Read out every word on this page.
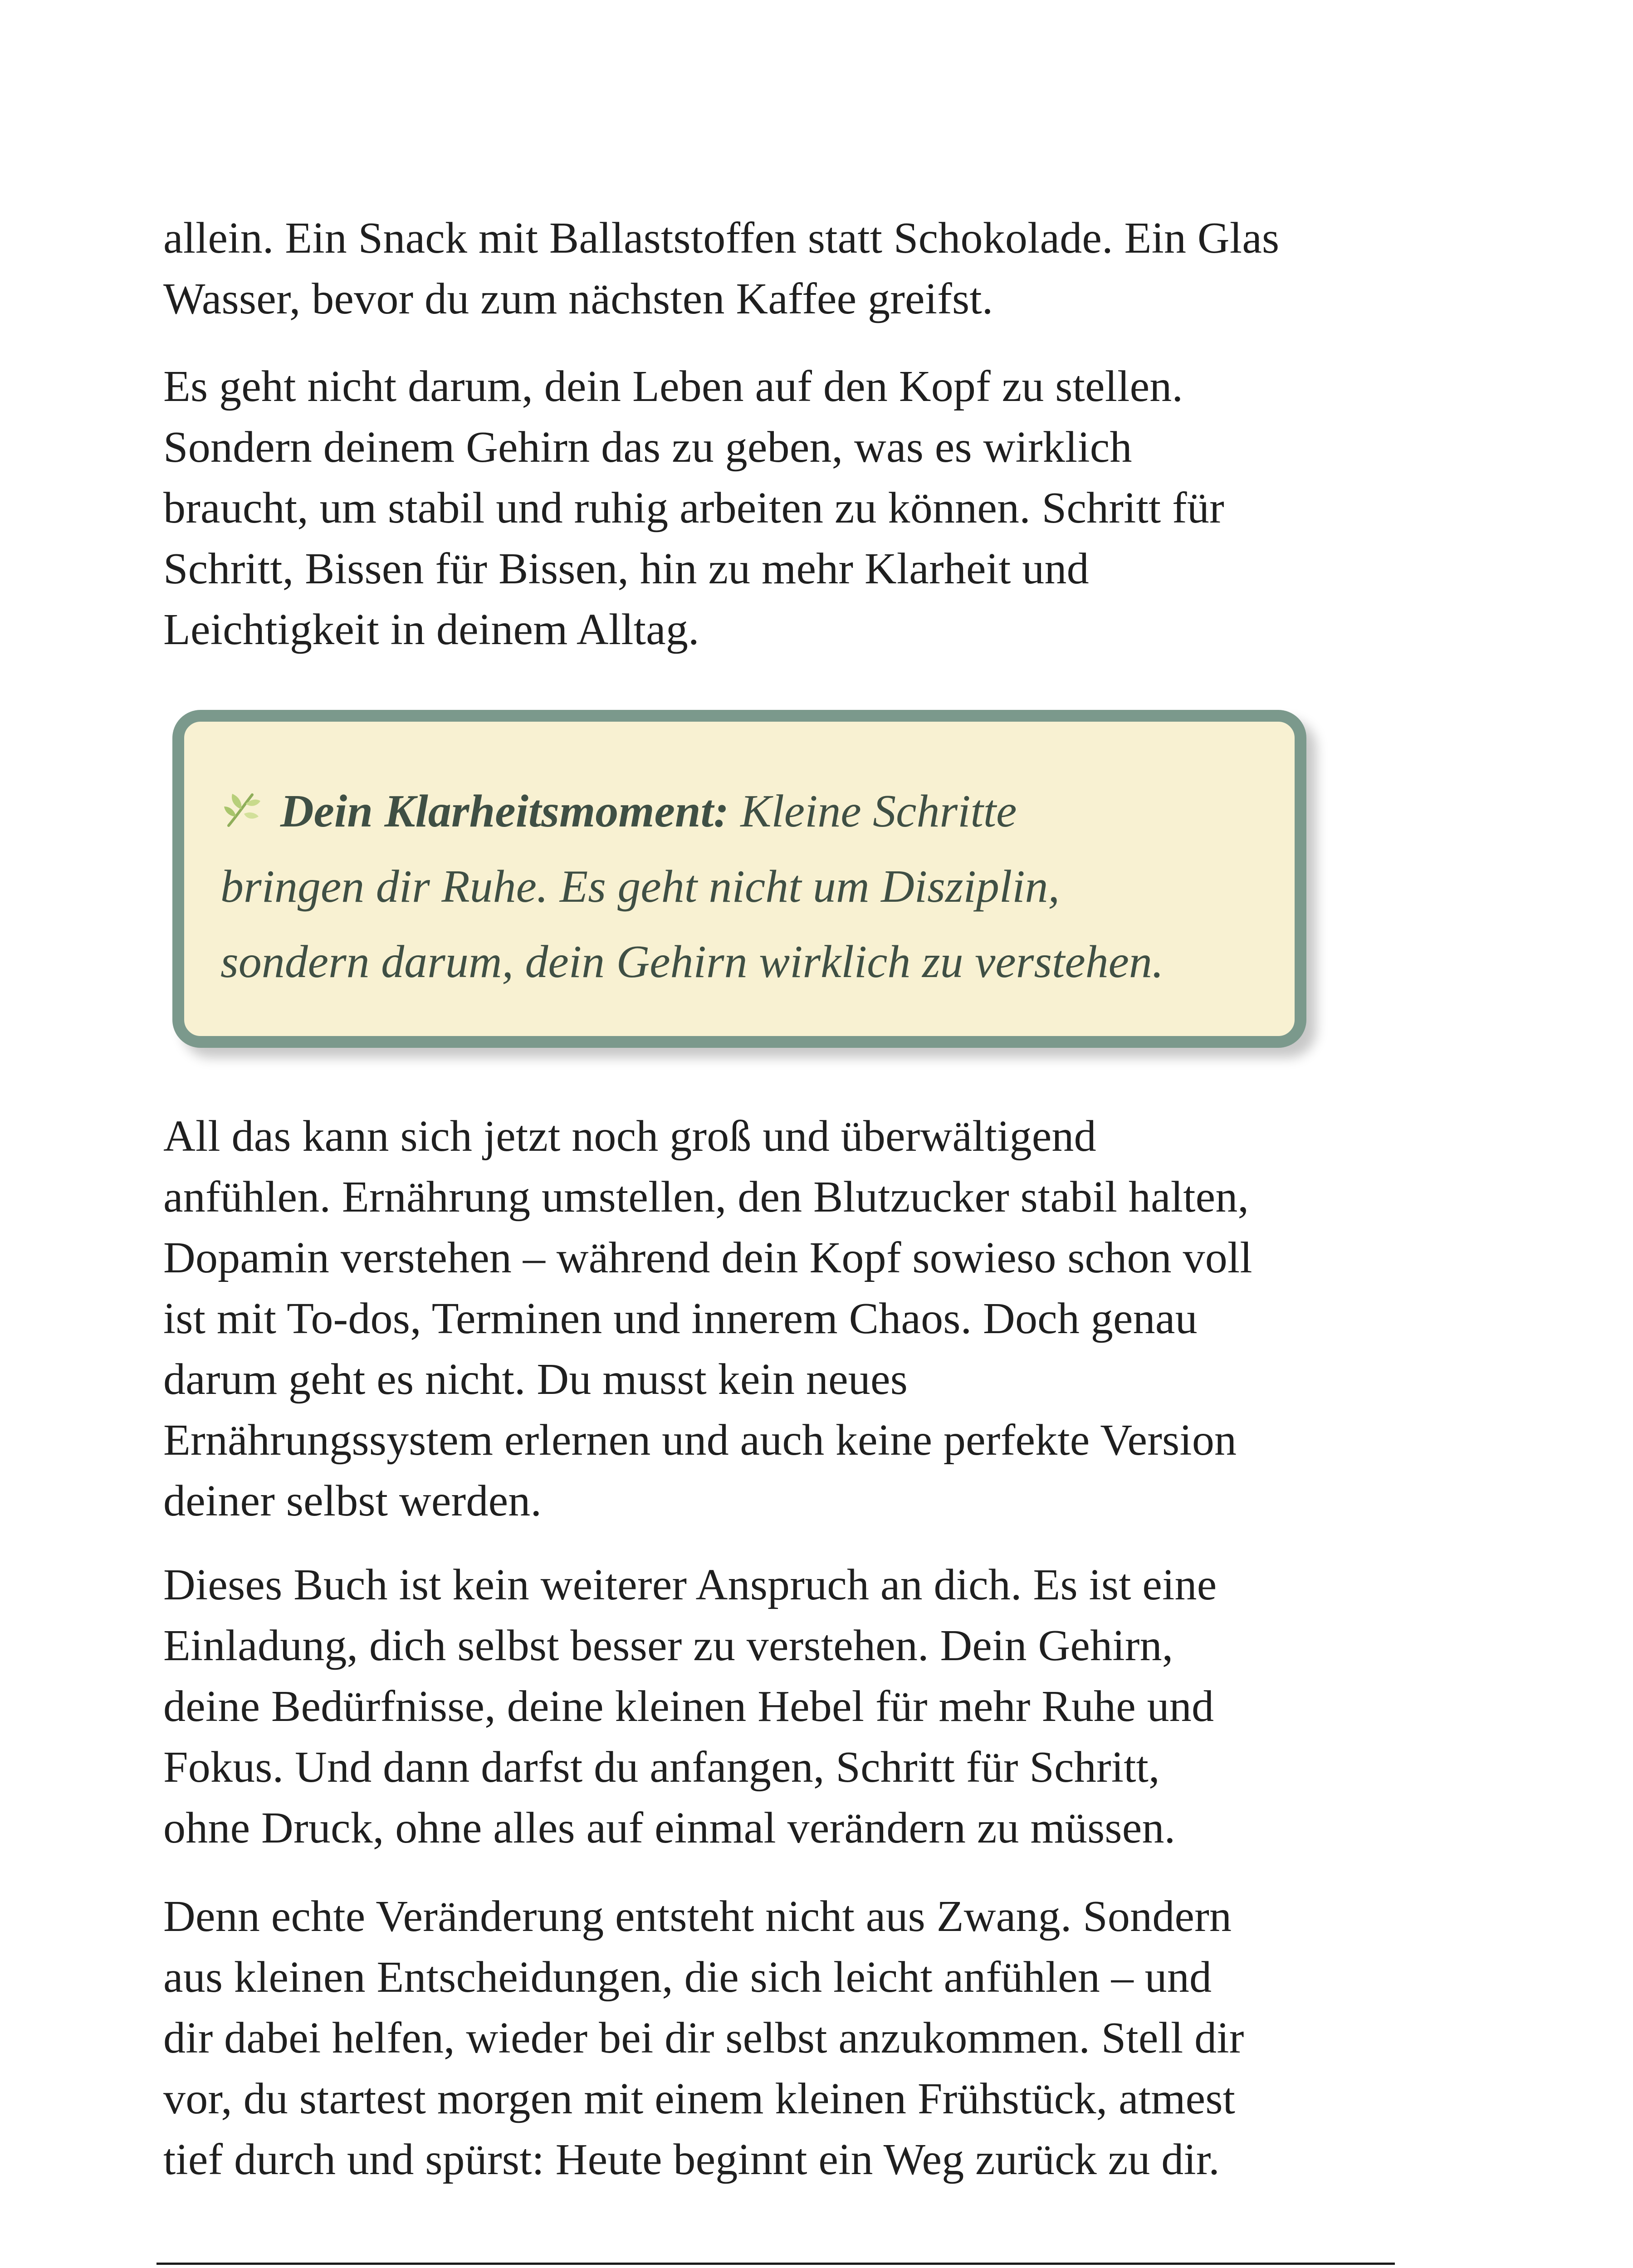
allein. Ein Snack mit Ballaststoffen statt Schokolade. Ein Glas
Wasser, bevor du zum nächsten Kaffee greifst.

Es geht nicht darum, dein Leben auf den Kopf zu stellen.
Sondern deinem Gehirn das zu geben, was es wirklich
braucht, um stabil und ruhig arbeiten zu können. Schritt für
Schritt, Bissen für Bissen, hin zu mehr Klarheit und
Leichtigkeit in deinem Alltag.

Dein Klarheitsmoment: Kleine Schritte
bringen dir Ruhe. Es geht nicht um Disziplin,
sondern darum, dein Gehirn wirklich zu verstehen.

All das kann sich jetzt noch groß und überwältigend
anfühlen. Ernährung umstellen, den Blutzucker stabil halten,
Dopamin verstehen – während dein Kopf sowieso schon voll
ist mit To-dos, Terminen und innerem Chaos. Doch genau
darum geht es nicht. Du musst kein neues
Ernährungssystem erlernen und auch keine perfekte Version
deiner selbst werden.

Dieses Buch ist kein weiterer Anspruch an dich. Es ist eine
Einladung, dich selbst besser zu verstehen. Dein Gehirn,
deine Bedürfnisse, deine kleinen Hebel für mehr Ruhe und
Fokus. Und dann darfst du anfangen, Schritt für Schritt,
ohne Druck, ohne alles auf einmal verändern zu müssen.

Denn echte Veränderung entsteht nicht aus Zwang. Sondern
aus kleinen Entscheidungen, die sich leicht anfühlen – und
dir dabei helfen, wieder bei dir selbst anzukommen. Stell dir
vor, du startest morgen mit einem kleinen Frühstück, atmest
tief durch und spürst: Heute beginnt ein Weg zurück zu dir.
